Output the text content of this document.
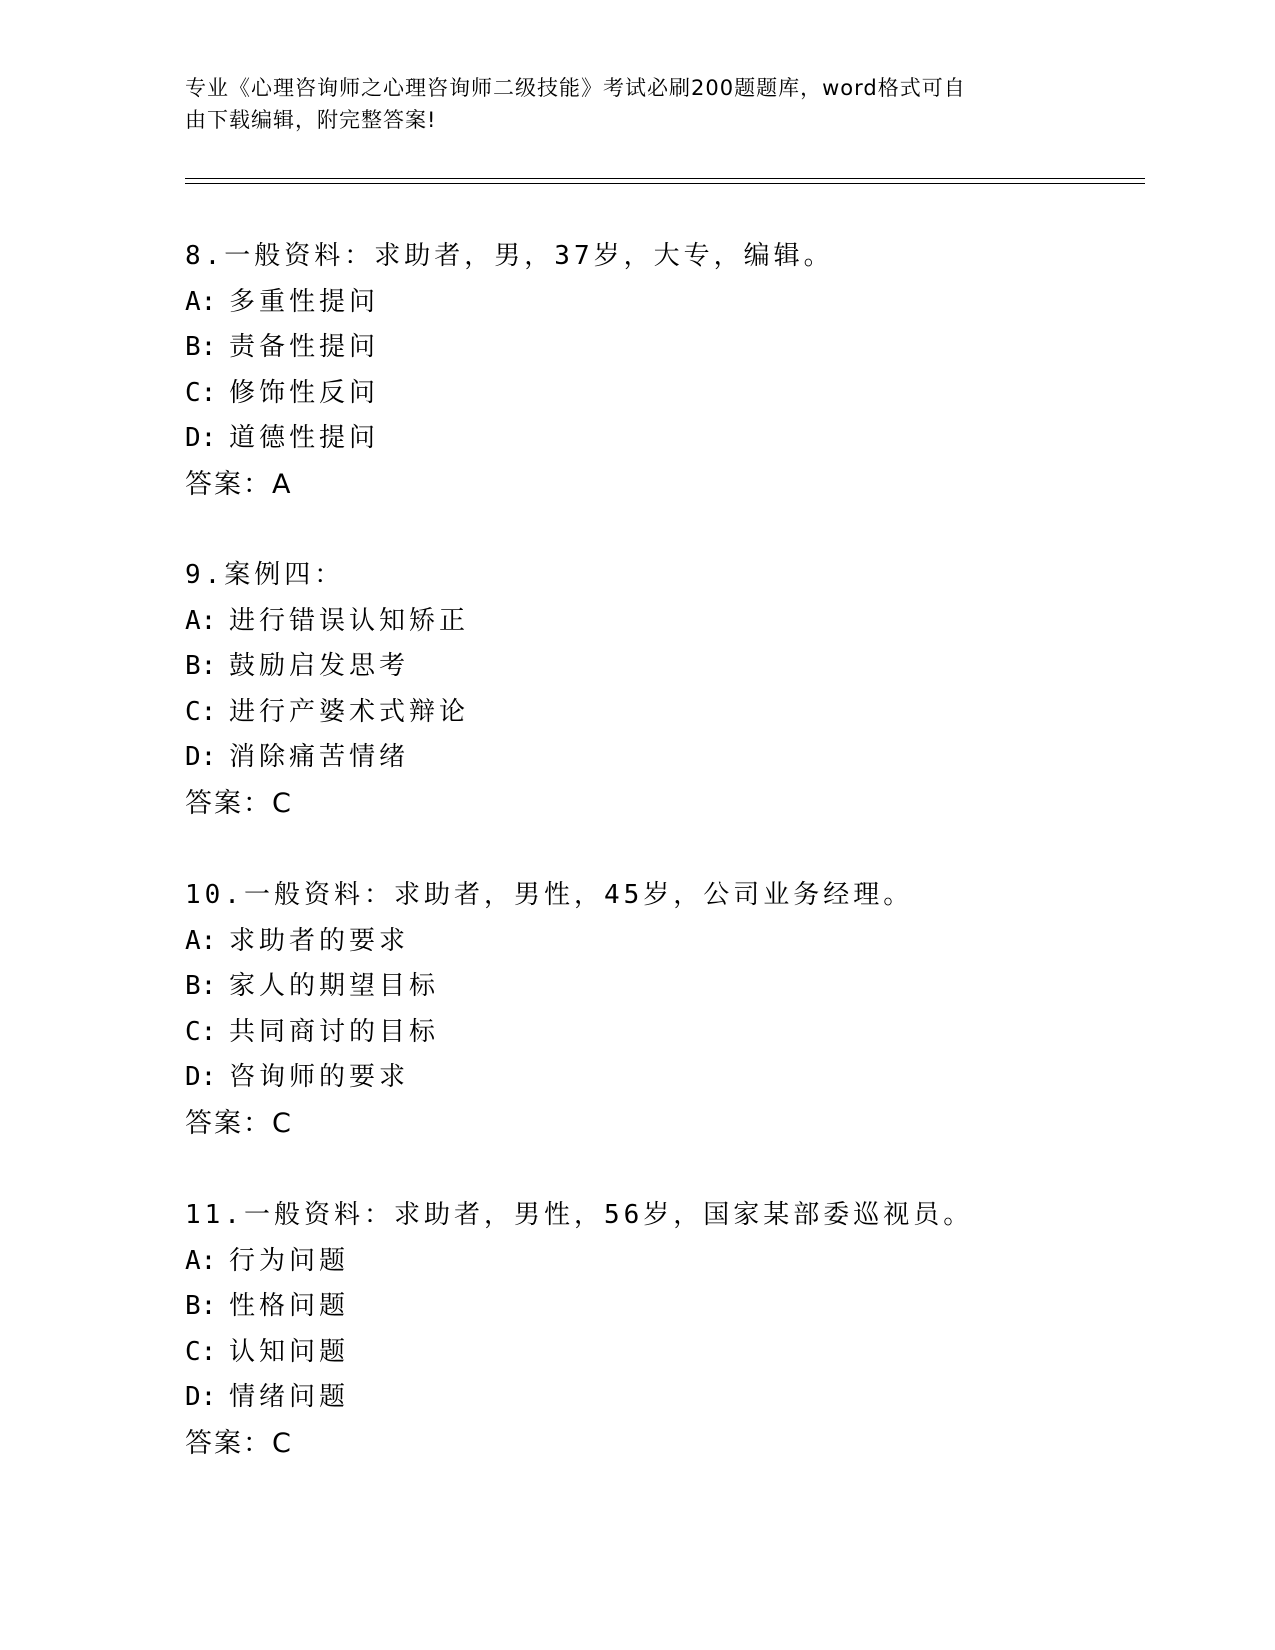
专业《心理咨询师之心理咨询师二级技能》考试必刷200题题库，word格式可自
由下载编辑，附完整答案!
8.一般资料：求助者，男，37岁，大专，编辑。
A: 多重性提问
B: 责备性提问
C: 修饰性反问
D: 道德性提问
答案：A
9.案例四：
A: 进行错误认知矫正
B: 鼓励启发思考
C: 进行产婆术式辩论
D: 消除痛苦情绪
答案：C
10.一般资料：求助者，男性，45岁，公司业务经理。
A: 求助者的要求
B: 家人的期望目标
C: 共同商讨的目标
D: 咨询师的要求
答案：C
11.一般资料：求助者，男性，56岁，国家某部委巡视员。
A: 行为问题
B: 性格问题
C: 认知问题
D: 情绪问题
答案：C
